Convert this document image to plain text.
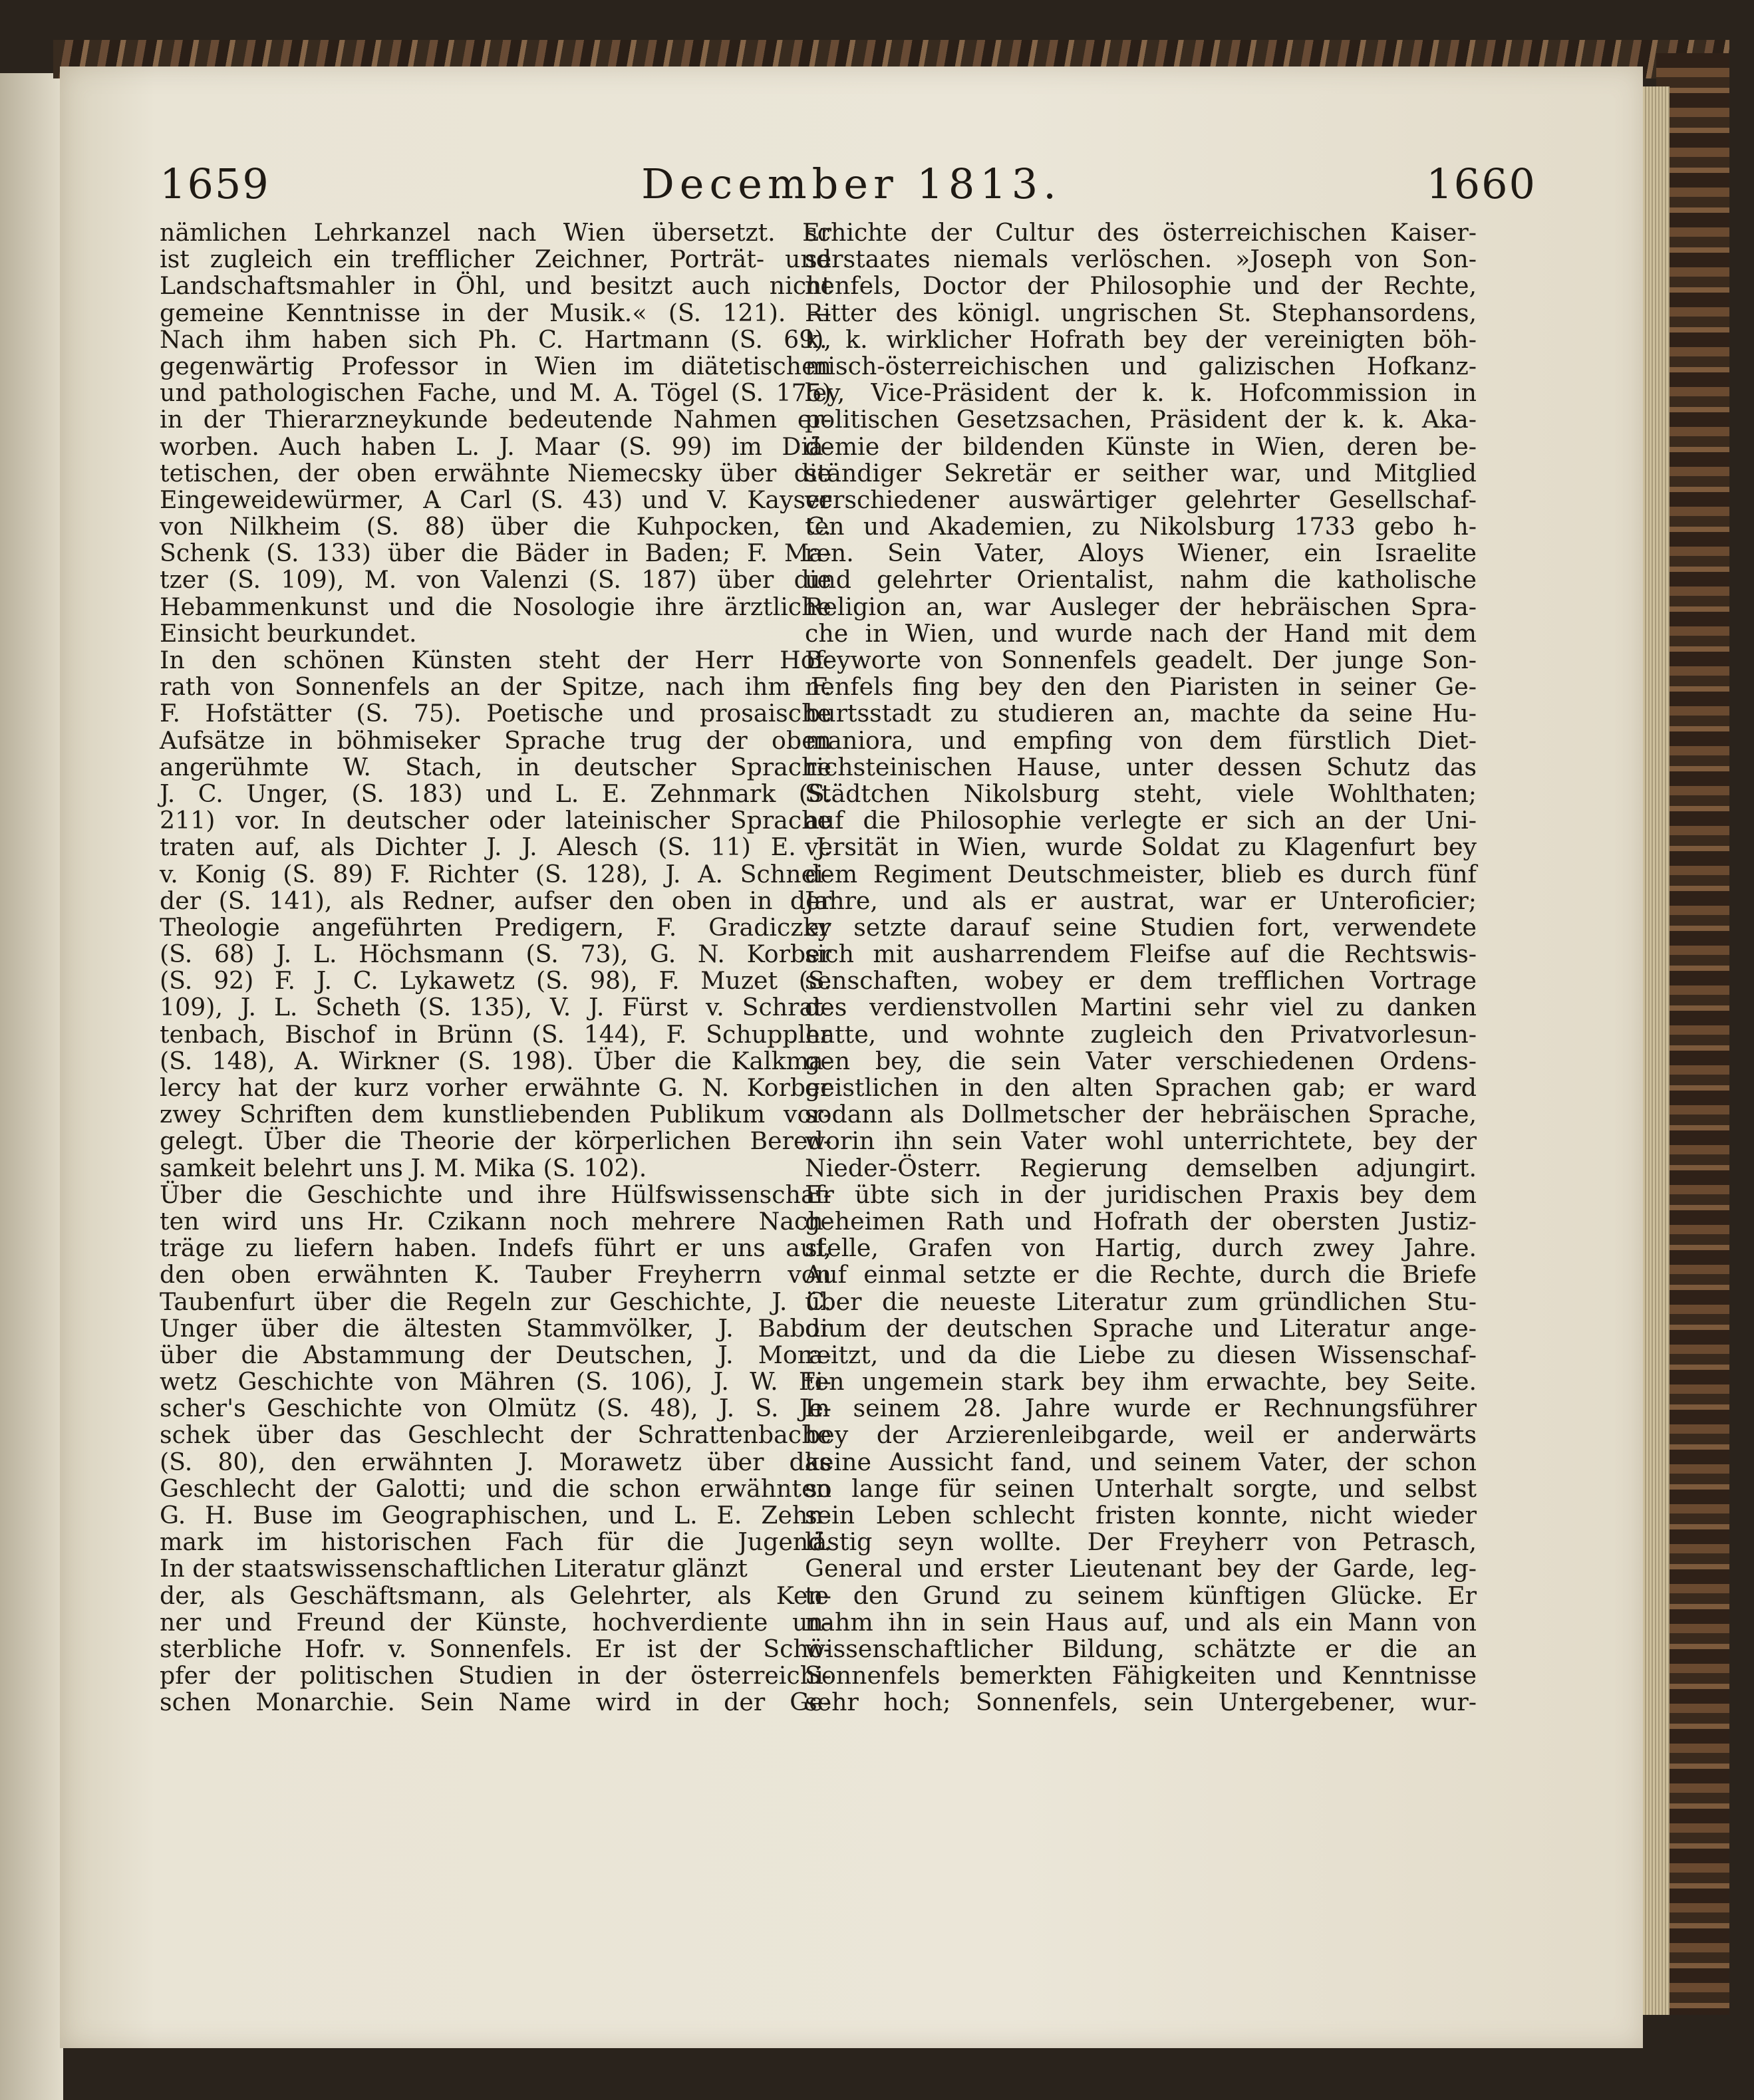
1659	December 1813.	1660
nämlichen Lehrkanzel nach Wien übersetzt. Er
ist zugleich ein trefflicher Zeichner, Porträt- und
Landschaftsmahler in Öhl, und besitzt auch nicht
gemeine Kenntnisse in der Musik.« (S. 121). —
Nach ihm haben sich Ph. C. Hartmann (S. 69),
gegenwärtig Professor in Wien im diätetischen
und pathologischen Fache, und M. A. Tögel (S. 175)
in der Thierarzneykunde bedeutende Nahmen er-
worben. Auch haben L. J. Maar (S. 99) im Diä-
tetischen, der oben erwähnte Niemecsky über die
Eingeweidewürmer, A Carl (S. 43) und V. Kayser
von Nilkheim (S. 88) über die Kuhpocken, C.
Schenk (S. 133) über die Bäder in Baden; F. Ma-
tzer (S. 109), M. von Valenzi (S. 187) über die
Hebammenkunst und die Nosologie ihre ärztliche
Einsicht beurkundet.
In den schönen Künsten steht der Herr Hof-
rath von Sonnenfels an der Spitze, nach ihm F.
F. Hofstätter (S. 75). Poetische und prosaische
Aufsätze in böhmiseker Sprache trug der oben
angerühmte W. Stach, in deutscher Sprache
J. C. Unger, (S. 183) und L. E. Zehnmark (S.
211) vor. In deutscher oder lateinischer Sprache
traten auf, als Dichter J. J. Alesch (S. 11) E. J.
v. Konig (S. 89) F. Richter (S. 128), J. A. Schnei-
der (S. 141), als Redner, aufser den oben in der
Theologie angeführten Predigern, F. Gradiczky
(S. 68) J. L. Höchsmann (S. 73), G. N. Korber
(S. 92) F. J. C. Lykawetz (S. 98), F. Muzet (S.
109), J. L. Scheth (S. 135), V. J. Fürst v. Schrat-
tenbach, Bischof in Brünn (S. 144), F. Schuppler
(S. 148), A. Wirkner (S. 198). Über die Kalkma-
lercy hat der kurz vorher erwähnte G. N. Korber
zwey Schriften dem kunstliebenden Publikum vor-
gelegt. Über die Theorie der körperlichen Bered-
samkeit belehrt uns J. M. Mika (S. 102).
Über die Geschichte und ihre Hülfswissenschaf-
ten wird uns Hr. Czikann noch mehrere Nach-
träge zu liefern haben. Indefs führt er uns auf,
den oben erwähnten K. Tauber Freyherrn von
Taubenfurt über die Regeln zur Geschichte, J. C.
Unger über die ältesten Stammvölker, J. Babor
über die Abstammung der Deutschen, J. Mora-
wetz Geschichte von Mähren (S. 106), J. W. Fi-
scher's Geschichte von Olmütz (S. 48), J. S. Je-
schek über das Geschlecht der Schrattenbache
(S. 80), den erwähnten J. Morawetz über das
Geschlecht der Galotti; und die schon erwähnten
G. H. Buse im Geographischen, und L. E. Zehn-
mark im historischen Fach für die Jugend.
In der staatswissenschaftlichen Literatur glänzt
der, als Geschäftsmann, als Gelehrter, als Ken-
ner und Freund der Künste, hochverdiente un-
sterbliche Hofr. v. Sonnenfels. Er ist der Schö-
pfer der politischen Studien in der österreichi-
schen Monarchie. Sein Name wird in der Ge-
schichte der Cultur des österreichischen Kaiser-
serstaates niemals verlöschen. »Joseph von Son-
nenfels, Doctor der Philosophie und der Rechte,
Ritter des königl. ungrischen St. Stephansordens,
k. k. wirklicher Hofrath bey der vereinigten böh-
misch-österreichischen und galizischen Hofkanz-
ley, Vice-Präsident der k. k. Hofcommission in
politischen Gesetzsachen, Präsident der k. k. Aka-
demie der bildenden Künste in Wien, deren be-
ständiger Sekretär er seither war, und Mitglied
verschiedener auswärtiger gelehrter Gesellschaf-
ten und Akademien, zu Nikolsburg 1733 gebo h-
ren. Sein Vater, Aloys Wiener, ein Israelite
und gelehrter Orientalist, nahm die katholische
Religion an, war Ausleger der hebräischen Spra-
che in Wien, und wurde nach der Hand mit dem
Beyworte von Sonnenfels geadelt. Der junge Son-
nenfels fing bey den den Piaristen in seiner Ge-
burtsstadt zu studieren an, machte da seine Hu-
maniora, und empfing von dem fürstlich Diet-
richsteinischen Hause, unter dessen Schutz das
Städtchen Nikolsburg steht, viele Wohlthaten;
auf die Philosophie verlegte er sich an der Uni-
versität in Wien, wurde Soldat zu Klagenfurt bey
dem Regiment Deutschmeister, blieb es durch fünf
Jahre, und als er austrat, war er Unteroficier;
er setzte darauf seine Studien fort, verwendete
sich mit ausharrendem Fleifse auf die Rechtswis-
senschaften, wobey er dem trefflichen Vortrage
des verdienstvollen Martini sehr viel zu danken
hatte, und wohnte zugleich den Privatvorlesun-
gen bey, die sein Vater verschiedenen Ordens-
geistlichen in den alten Sprachen gab; er ward
sodann als Dollmetscher der hebräischen Sprache,
worin ihn sein Vater wohl unterrichtete, bey der
Nieder-Österr. Regierung demselben adjungirt.
Er übte sich in der juridischen Praxis bey dem
geheimen Rath und Hofrath der obersten Justiz-
stelle, Grafen von Hartig, durch zwey Jahre.
Auf einmal setzte er die Rechte, durch die Briefe
über die neueste Literatur zum gründlichen Stu-
dium der deutschen Sprache und Literatur ange-
reitzt, und da die Liebe zu diesen Wissenschaf-
ten ungemein stark bey ihm erwachte, bey Seite.
In seinem 28. Jahre wurde er Rechnungsführer
bey der Arzierenleibgarde, weil er anderwärts
keine Aussicht fand, und seinem Vater, der schon
so lange für seinen Unterhalt sorgte, und selbst
sein Leben schlecht fristen konnte, nicht wieder
lästig seyn wollte. Der Freyherr von Petrasch,
General und erster Lieutenant bey der Garde, leg-
te den Grund zu seinem künftigen Glücke. Er
nahm ihn in sein Haus auf, und als ein Mann von
wissenschaftlicher Bildung, schätzte er die an
Sonnenfels bemerkten Fähigkeiten und Kenntnisse
sehr hoch; Sonnenfels, sein Untergebener, wur-
